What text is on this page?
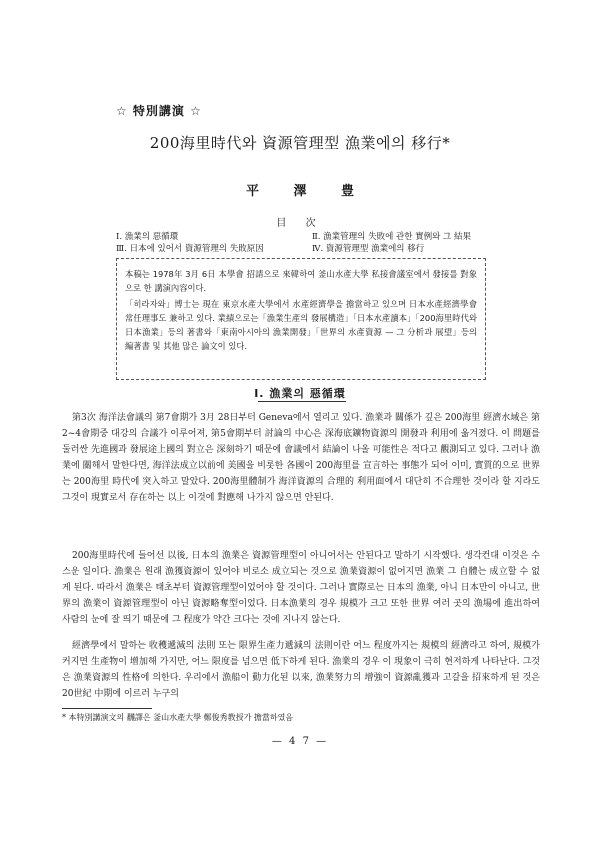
☆ 特別講演 ☆
200海里時代와 資源管理型 漁業에의 移行*
平 澤 豊
目 次
Ⅰ. 漁業의 惡循環	Ⅱ. 漁業管理의 失敗에 관한 實例와 그 結果
Ⅲ. 日本에 있어서 資源管理의 失敗原因	Ⅳ. 資源管理型 漁業에의 移行

本稿는 1978年 3月 6日 本學會 招請으로 來韓하여 釜山水產大學 私接會議室에서 發接를 對象으로 한 講演內容이다.

「히라자와」博士는 現在 東京水產大學에서 水產經濟學을 擔當하고 있으며 日本水產經濟學會 常任理事도 兼하고 있다. 業績으로는「漁業生產의 發展構造」「日本水產讀本」「200海里時代와 日本漁業」등의 著書와「東南아시아의 漁業開發」「世界의 水產資源 — 그 分析과 展望」등의 編著書 및 其他 많은 論文이 있다.

Ⅰ. 漁業의 惡循環

第3次 海洋法會議의 第7會期가 3月 28日부터 Geneva에서 열리고 있다. 漁業과 關係가 깊은 200海里 經濟水域은 第2~4會期중 대강의 合議가 이루어져, 第5會期부터 討論의 中心은 深海底鑛物資源의 開發과 利用에 옮겨졌다. 이 問題를 둘러싼 先進國과 發展途上國의 對立은 深刻하기 때문에 會議에서 結論이 나올 可能性은 적다고 觀測되고 있다. 그러나 漁業에 關해서 말한다면, 海洋法成立以前에 美國을 비롯한 各國이 200海里를 宣言하는 事態가 되어 이미, 實質的으로 世界는 200海里 時代에 突入하고 말았다. 200海里體制가 海洋資源의 合理的 利用面에서 대단히 不合理한 것이라 할 지라도 그것이 現實로서 存在하는 以上 이것에 對應해 나가지 않으면 안된다.

200海里時代에 들어선 以後, 日本의 漁業은 資源管理型이 아니어서는 안된다고 말하기 시작했다. 생각컨대 이것은 수스운 일이다. 漁業은 원래 漁獲資源이 있어야 비로소 成立되는 것으로 漁業資源이 없어지면 漁業 그 自體는 成立할 수 없게 된다. 따라서 漁業은 태초부터 資源管理型이었어야 할 것이다. 그러나 實際로는 日本의 漁業, 아니 日本만이 아니고, 世界의 漁業이 資源管理型이 아닌 資源略奪型이었다. 日本漁業의 경우 規模가 크고 또한 世界 여러 곳의 漁場에 進出하여 사람의 눈에 잘 띄기 때문에 그 程度가 약간 크다는 것에 지나지 않는다.

經濟學에서 말하는 收穫遞減의 法則 또는 限界生產力遞減의 法則이란 어느 程度까지는 規模의 經濟라고 하여, 規模가 커지면 生產物이 增加해 가지만, 어느 限度를 넘으면 低下하게 된다. 漁業의 경우 이 現象이 극히 현저하게 나타난다. 그것은 漁業資源의 性格에 의한다. 우리에서 漁船이 動力化된 以來, 漁業努力의 增強이 資源亂獲과 고갈을 招來하게 된 것은 20世紀 中期에 이르러 누구의

* 本特別講演文의 飜譯은 釜山水產大學 鄭俊秀教授가 擔當하였음
— 4 7 —
